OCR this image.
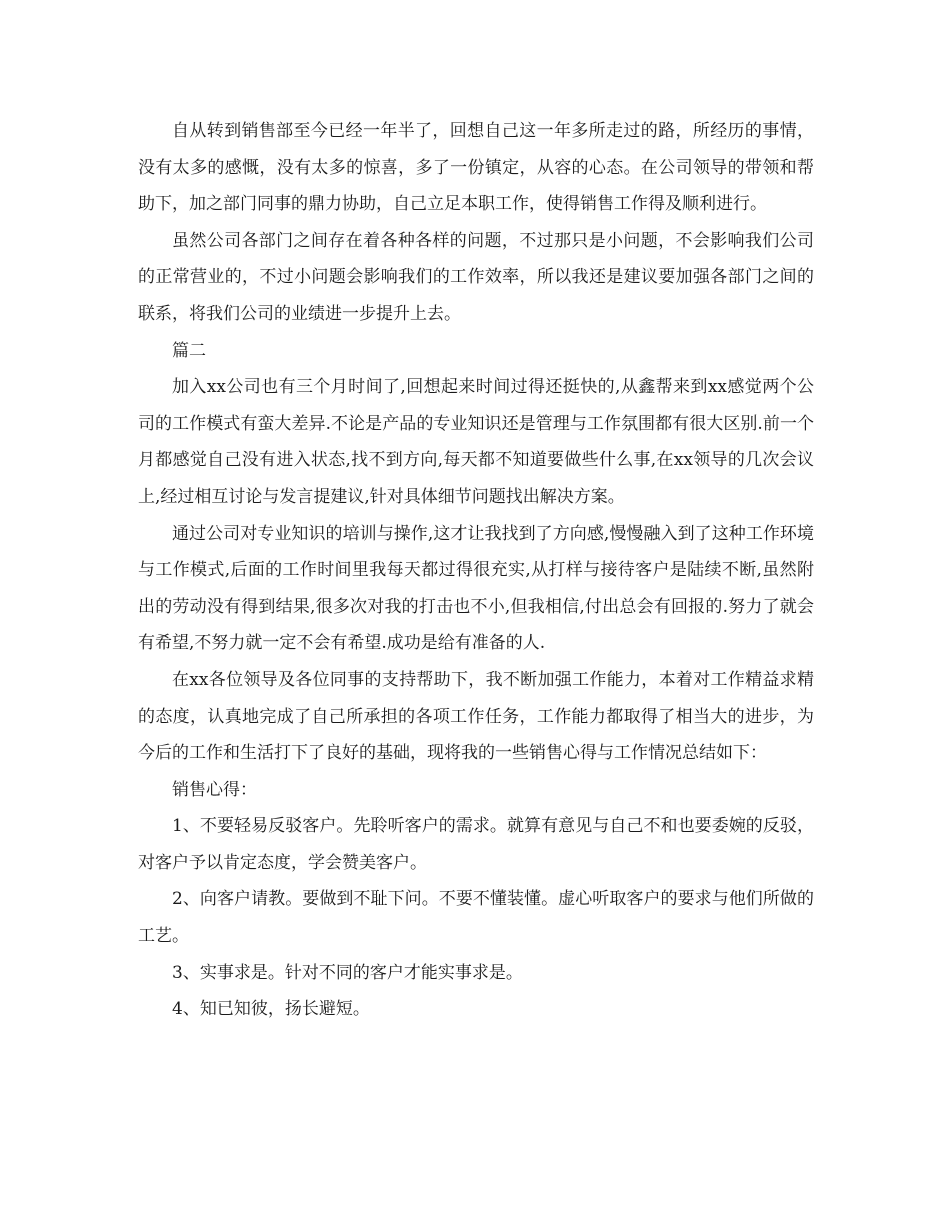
自从转到销售部至今已经一年半了，回想自己这一年多所走过的路，所经历的事情，没有太多的感慨，没有太多的惊喜，多了一份镇定，从容的心态。在公司领导的带领和帮助下，加之部门同事的鼎力协助，自己立足本职工作，使得销售工作得及顺利进行。

虽然公司各部门之间存在着各种各样的问题，不过那只是小问题，不会影响我们公司的正常营业的，不过小问题会影响我们的工作效率，所以我还是建议要加强各部门之间的联系，将我们公司的业绩进一步提升上去。

篇二

加入xx公司也有三个月时间了,回想起来时间过得还挺快的,从鑫帮来到xx感觉两个公司的工作模式有蛮大差异.不论是产品的专业知识还是管理与工作氛围都有很大区别.前一个月都感觉自己没有进入状态,找不到方向,每天都不知道要做些什么事,在xx领导的几次会议上,经过相互讨论与发言提建议,针对具体细节问题找出解决方案。

通过公司对专业知识的培训与操作,这才让我找到了方向感,慢慢融入到了这种工作环境与工作模式,后面的工作时间里我每天都过得很充实,从打样与接待客户是陆续不断,虽然附出的劳动没有得到结果,很多次对我的打击也不小,但我相信,付出总会有回报的.努力了就会有希望,不努力就一定不会有希望.成功是给有准备的人.

在xx各位领导及各位同事的支持帮助下，我不断加强工作能力，本着对工作精益求精的态度，认真地完成了自己所承担的各项工作任务，工作能力都取得了相当大的进步，为今后的工作和生活打下了良好的基础，现将我的一些销售心得与工作情况总结如下：

销售心得：

1、不要轻易反驳客户。先聆听客户的需求。就算有意见与自己不和也要委婉的反驳，对客户予以肯定态度，学会赞美客户。

2、向客户请教。要做到不耻下问。不要不懂装懂。虚心听取客户的要求与他们所做的工艺。

3、实事求是。针对不同的客户才能实事求是。

4、知已知彼，扬长避短。
